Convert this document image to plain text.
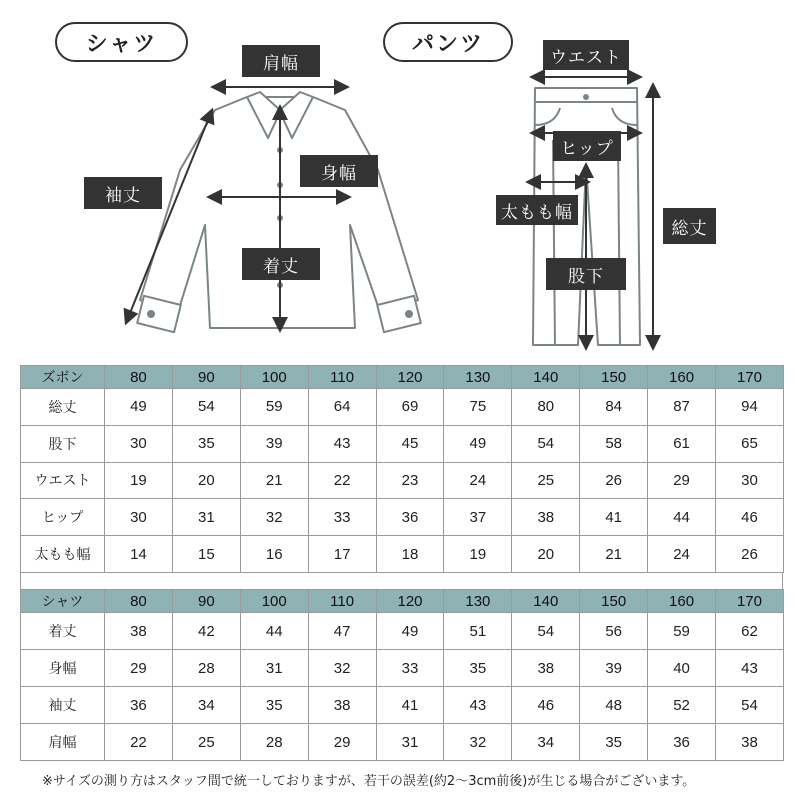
シャツ	パンツ
肩幅
身幅
袖丈
着丈
ウエスト
ヒップ
太もも幅
総丈
股下
ズボン	80	90	100	110	120	130	140	150	160	170
総丈	49	54	59	64	69	75	80	84	87	94
股下	30	35	39	43	45	49	54	58	61	65
ウエスト	19	20	21	22	23	24	25	26	29	30
ヒップ	30	31	32	33	36	37	38	41	44	46
太もも幅	14	15	16	17	18	19	20	21	24	26
シャツ	80	90	100	110	120	130	140	150	160	170
着丈	38	42	44	47	49	51	54	56	59	62
身幅	29	28	31	32	33	35	38	39	40	43
袖丈	36	34	35	38	41	43	46	48	52	54
肩幅	22	25	28	29	31	32	34	35	36	38
※サイズの測り方はスタッフ間で統一しておりますが、若干の誤差(約2〜3cm前後)が生じる場合がございます。
